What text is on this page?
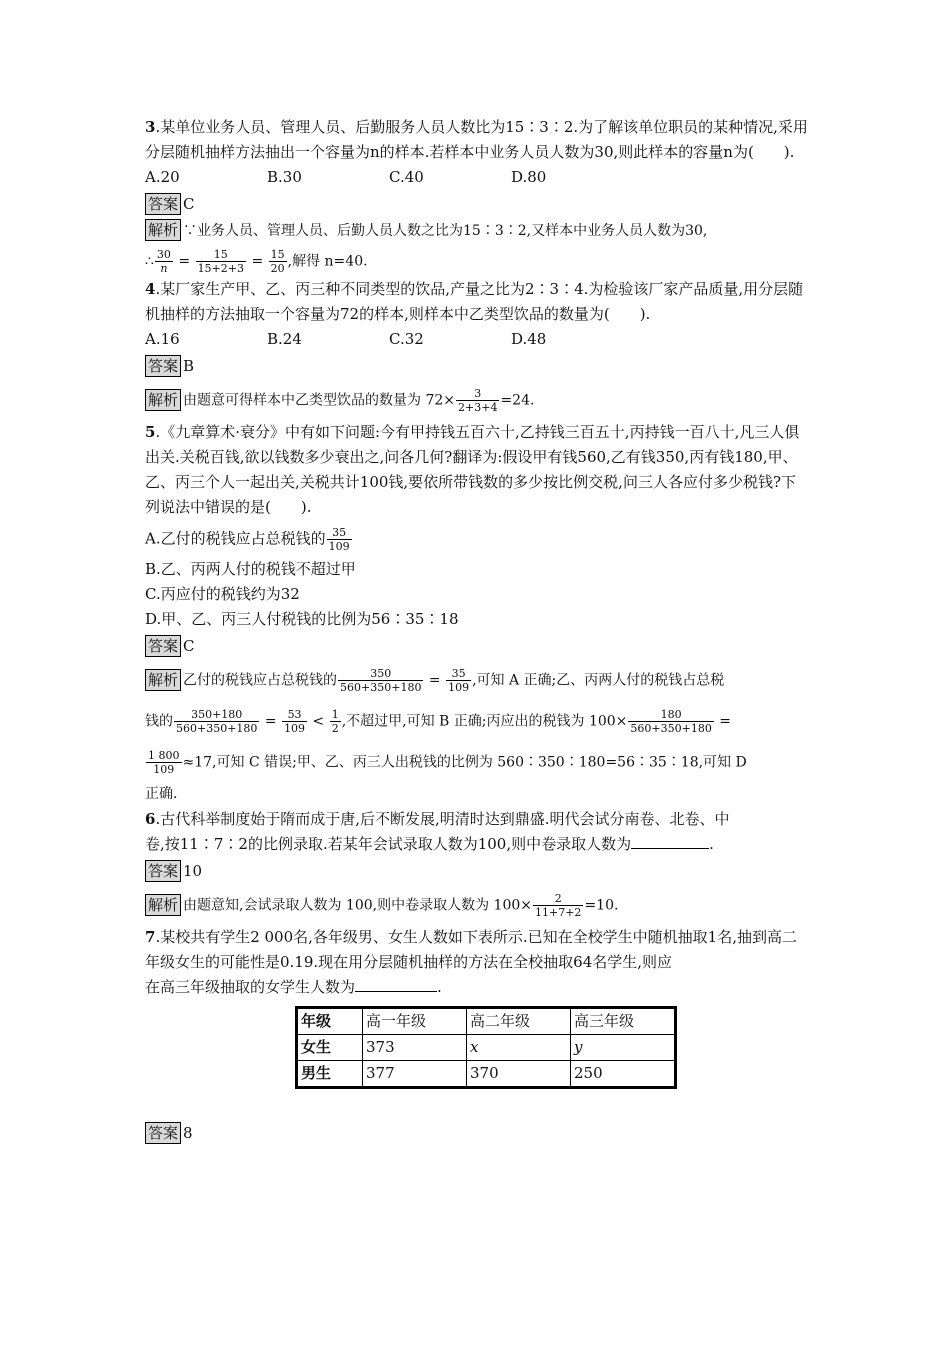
3.某单位业务人员、管理人员、后勤服务人员人数比为15∶3∶2.为了解该单位职员的某种情况,采用分层随机抽样方法抽出一个容量为n的样本.若样本中业务人员人数为30,则此样本的容量n为(　　).

A.20	B.30	C.40	D.80

答案 C

解析 ∵业务人员、管理人员、后勤人员人数之比为15∶3∶2,又样本中业务人员人数为30,

∴ $\frac{30}{n} = \frac{15}{15+2+3} = \frac{15}{20}$ ,解得 n=40.

4.某厂家生产甲、乙、丙三种不同类型的饮品,产量之比为2∶3∶4.为检验该厂家产品质量,用分层随机抽样的方法抽取一个容量为72的样本,则样本中乙类型饮品的数量为(　　).

A.16	B.24	C.32	D.48

答案 B

解析 由题意可得样本中乙类型饮品的数量为 $72\times \frac{3}{2+3+4} =24$.

5.《九章算术·衰分》中有如下问题:今有甲持钱五百六十,乙持钱三百五十,丙持钱一百八十,凡三人俱出关.关税百钱,欲以钱数多少衰出之,问各几何?翻译为:假设甲有钱560,乙有钱350,丙有钱180,甲、乙、丙三个人一起出关,关税共计100钱,要依所带钱数的多少按比例交税,问三人各应付多少税钱?下列说法中错误的是(　　).

A.乙付的税钱应占总税钱的 $\frac{35}{109}$

B.乙、丙两人付的税钱不超过甲

C.丙应付的税钱约为32

D.甲、乙、丙三人付税钱的比例为56∶35∶18

答案 C

解析 乙付的税钱应占总税钱的 $\frac{350}{560+350+180} = \frac{35}{109}$ ,可知 A 正确;乙、丙两人付的税钱占总税

钱的 $\frac{350+180}{560+350+180} = \frac{53}{109} < \frac{1}{2}$ ,不超过甲,可知 B 正确;丙应出的税钱为 $100\times \frac{180}{560+350+180}$ =

$\frac{1 800}{109} \approx 17$,可知 C 错误;甲、乙、丙三人出税钱的比例为 560∶350∶180=56∶35∶18,可知 D

正确.

6.古代科举制度始于隋而成于唐,后不断发展,明清时达到鼎盛.明代会试分南卷、北卷、中

卷,按11∶7∶2的比例录取.若某年会试录取人数为100,则中卷录取人数为	.

答案 10

解析 由题意知,会试录取人数为 100,则中卷录取人数为 $100\times \frac{2}{11+7+2} =10$.

7.某校共有学生2 000名,各年级男、女生人数如下表所示.已知在全校学生中随机抽取1名,抽到高二年级女生的可能性是0.19.现在用分层随机抽样的方法在全校抽取64名学生,则应

在高三年级抽取的女学生人数为	.

年级	高一年级	高二年级	高三年级
女生	373	x	y
男生	377	370	250

答案 8
